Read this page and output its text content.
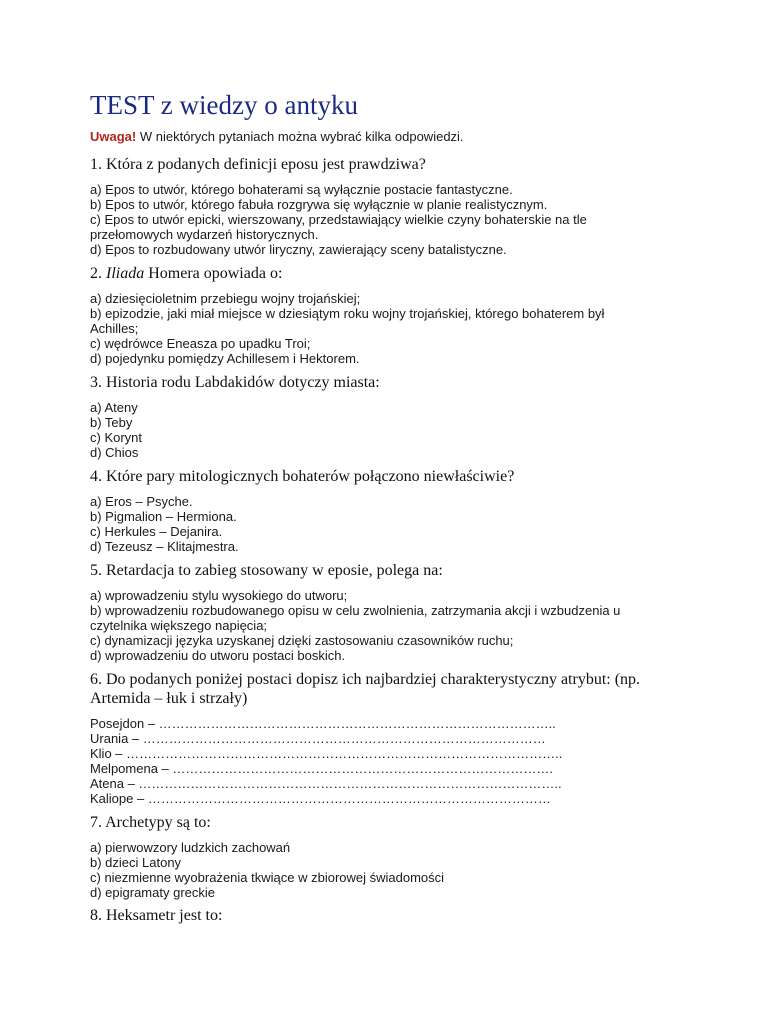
TEST z wiedzy o antyku
Uwaga! W niektórych pytaniach można wybrać kilka odpowiedzi.

1. Która z podanych definicji eposu jest prawdziwa?

a) Epos to utwór, którego bohaterami są wyłącznie postacie fantastyczne.
b) Epos to utwór, którego fabuła rozgrywa się wyłącznie w planie realistycznym.
c) Epos to utwór epicki, wierszowany, przedstawiający wielkie czyny bohaterskie na tle
przełomowych wydarzeń historycznych.
d) Epos to rozbudowany utwór liryczny, zawierający sceny batalistyczne.

2. Iliada Homera opowiada o:

a) dziesięcioletnim przebiegu wojny trojańskiej;
b) epizodzie, jaki miał miejsce w dziesiątym roku wojny trojańskiej, którego bohaterem był
Achilles;
c) wędrówce Eneasza po upadku Troi;
d) pojedynku pomiędzy Achillesem i Hektorem.

3. Historia rodu Labdakidów dotyczy miasta:

a) Ateny
b) Teby
c) Korynt
d) Chios

4. Które pary mitologicznych bohaterów połączono niewłaściwie?

a) Eros – Psyche.
b) Pigmalion – Hermiona.
c) Herkules – Dejanira.
d) Tezeusz – Klitajmestra.

5. Retardacja to zabieg stosowany w eposie, polega na:

a) wprowadzeniu stylu wysokiego do utworu;
b) wprowadzeniu rozbudowanego opisu w celu zwolnienia, zatrzymania akcji i wzbudzenia u
czytelnika większego napięcia;
c) dynamizacji języka uzyskanej dzięki zastosowaniu czasowników ruchu;
d) wprowadzeniu do utworu postaci boskich.

6. Do podanych poniżej postaci dopisz ich najbardziej charakterystyczny atrybut: (np. Artemida – łuk i strzały)

Posejdon – ………………………………………………………………………………..
Urania – …………………………………………………………………………………
Klio – ………………………………………………………………………………………..
Melpomena – …………………………………………………………………………….
Atena – ……………………………………………………………………………………..
Kaliope – …………………………………………………………………………………

7. Archetypy są to:

a) pierwowzory ludzkich zachowań
b) dzieci Latony
c) niezmienne wyobrażenia tkwiące w zbiorowej świadomości
d) epigramaty greckie

8. Heksametr jest to:
